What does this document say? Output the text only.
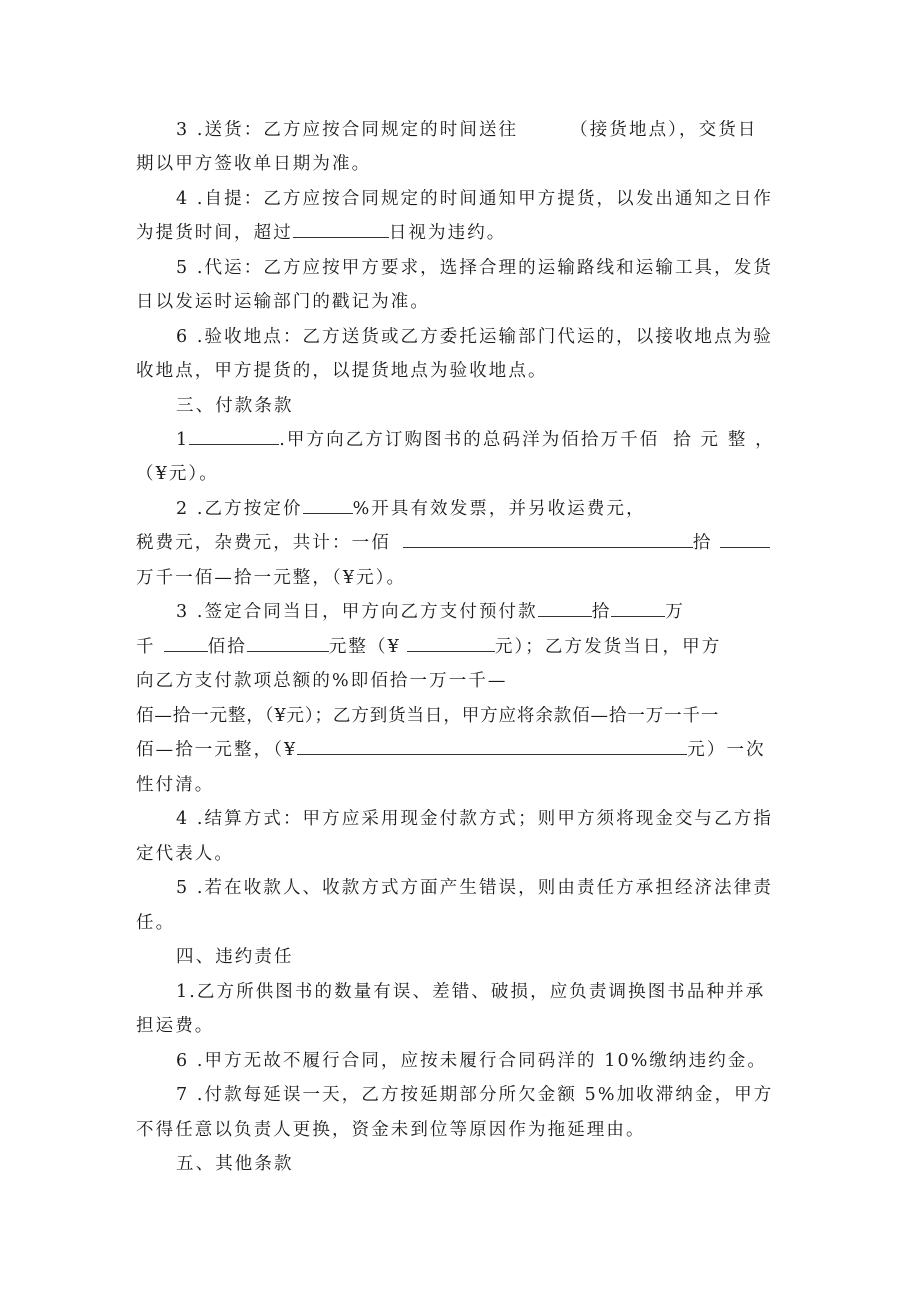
3 .送货：乙方应按合同规定的时间送往	（接货地点），交货日
期以甲方签收单日期为准。
4 .自提：乙方应按合同规定的时间通知甲方提货，以发出通知之日作
为提货时间，超过	日视为违约。
5 .代运：乙方应按甲方要求，选择合理的运输路线和运输工具，发货
日以发运时运输部门的戳记为准。
6 .验收地点：乙方送货或乙方委托运输部门代运的，以接收地点为验
收地点，甲方提货的，以提货地点为验收地点。
三、付款条款
1	.甲方向乙方订购图书的总码洋为佰拾万千佰 拾 元 整 ，
（¥元）。
2 .乙方按定价	%开具有效发票，并另收运费元，
税费元，杂费元，共计：一佰	拾
万千一佰—拾一元整，（¥元）。
3 .签定合同当日，甲方向乙方支付预付款	拾	万
千	佰拾	元整（¥	元）；乙方发货当日，甲方
向乙方支付款项总额的%即佰拾一万一千—
佰—拾一元整，（¥元）；乙方到货当日，甲方应将余款佰—拾一万一千一
佰—拾一元整，（¥	元）一次
性付清。
4 .结算方式：甲方应采用现金付款方式；则甲方须将现金交与乙方指
定代表人。
5 .若在收款人、收款方式方面产生错误，则由责任方承担经济法律责
任。
四、违约责任
1.乙方所供图书的数量有误、差错、破损，应负责调换图书品种并承
担运费。
6 .甲方无故不履行合同，应按未履行合同码洋的 10%缴纳违约金。
7 .付款每延误一天，乙方按延期部分所欠金额 5%加收滞纳金，甲方
不得任意以负责人更换，资金未到位等原因作为拖延理由。
五、其他条款
